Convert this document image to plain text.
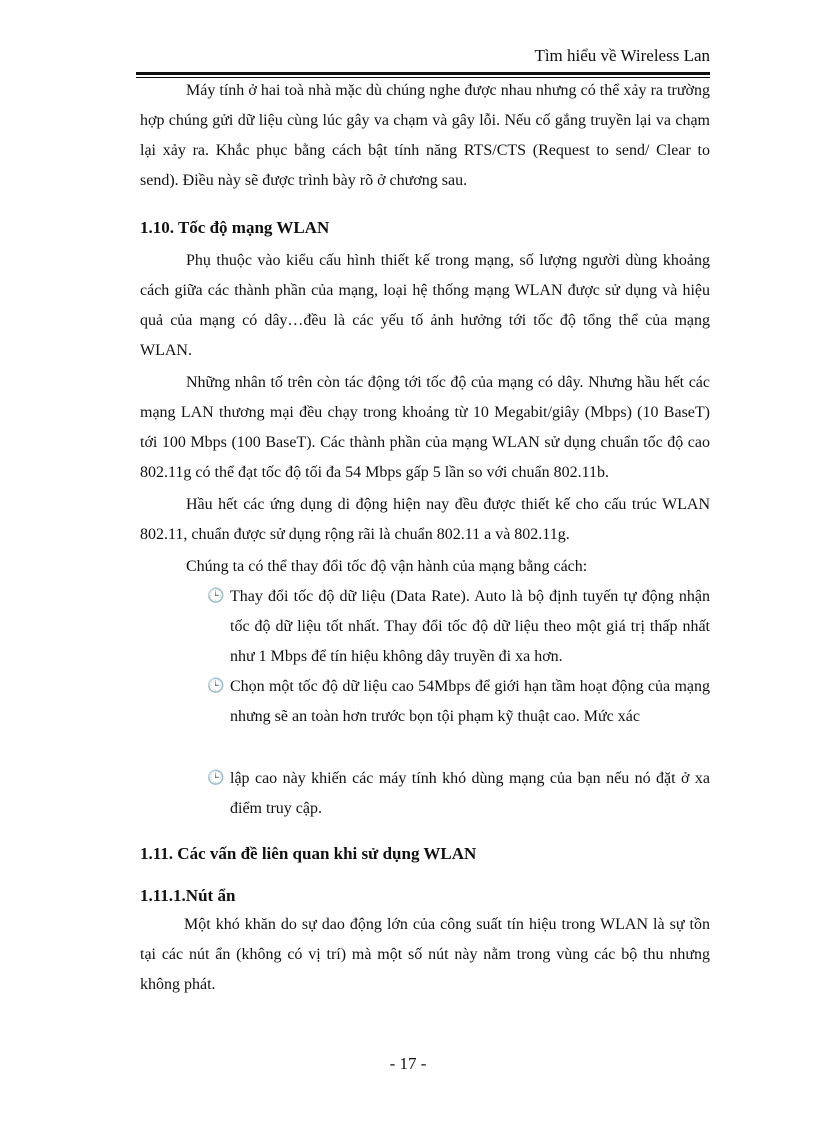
Tìm hiểu về Wireless Lan

Máy tính ở hai toà nhà mặc dù chúng nghe được nhau nhưng có thể xảy ra trường hợp chúng gửi dữ liệu cùng lúc gây va chạm và gây lỗi. Nếu cố gắng truyền lại va chạm lại xảy ra. Khắc phục bằng cách bật tính năng RTS/CTS (Request to send/ Clear to send). Điều này sẽ được trình bày rõ ở chương sau.

1.10. Tốc độ mạng WLAN

Phụ thuộc vào kiểu cấu hình thiết kế trong mạng, số lượng người dùng khoảng cách giữa các thành phần của mạng, loại hệ thống mạng WLAN được sử dụng và hiệu quả của mạng có dây…đều là các yếu tố ảnh hưởng tới tốc độ tổng thể của mạng WLAN.

Những nhân tố trên còn tác động tới tốc độ của mạng có dây. Nhưng hầu hết các mạng LAN thương mại đều chạy trong khoảng từ 10 Megabit/giây (Mbps) (10 BaseT) tới 100 Mbps (100 BaseT). Các thành phần của mạng WLAN sử dụng chuẩn tốc độ cao 802.11g có thể đạt tốc độ tối đa 54 Mbps gấp 5 lần so với chuẩn 802.11b.

Hầu hết các ứng dụng di động hiện nay đều được thiết kế cho cấu trúc WLAN 802.11, chuẩn được sử dụng rộng rãi là chuẩn 802.11 a và 802.11g.

Chúng ta có thể thay đổi tốc độ vận hành của mạng bằng cách:

🕒 Thay đổi tốc độ dữ liệu (Data Rate). Auto là bộ định tuyến tự động nhận tốc độ dữ liệu tốt nhất. Thay đổi tốc độ dữ liệu theo một giá trị thấp nhất như 1 Mbps để tín hiệu không dây truyền đi xa hơn.
🕒 Chọn một tốc độ dữ liệu cao 54Mbps để giới hạn tầm hoạt động của mạng nhưng sẽ an toàn hơn trước bọn tội phạm kỹ thuật cao. Mức xác
🕒 lập cao này khiến các máy tính khó dùng mạng của bạn nếu nó đặt ở xa điểm truy cập.
1.11. Các vấn đề liên quan khi sử dụng WLAN
1.11.1.Nút ẩn

Một khó khăn do sự dao động lớn của công suất tín hiệu trong WLAN là sự tồn tại các nút ẩn (không có vị trí) mà một số nút này nằm trong vùng các bộ thu nhưng không phát.

- 17 -
